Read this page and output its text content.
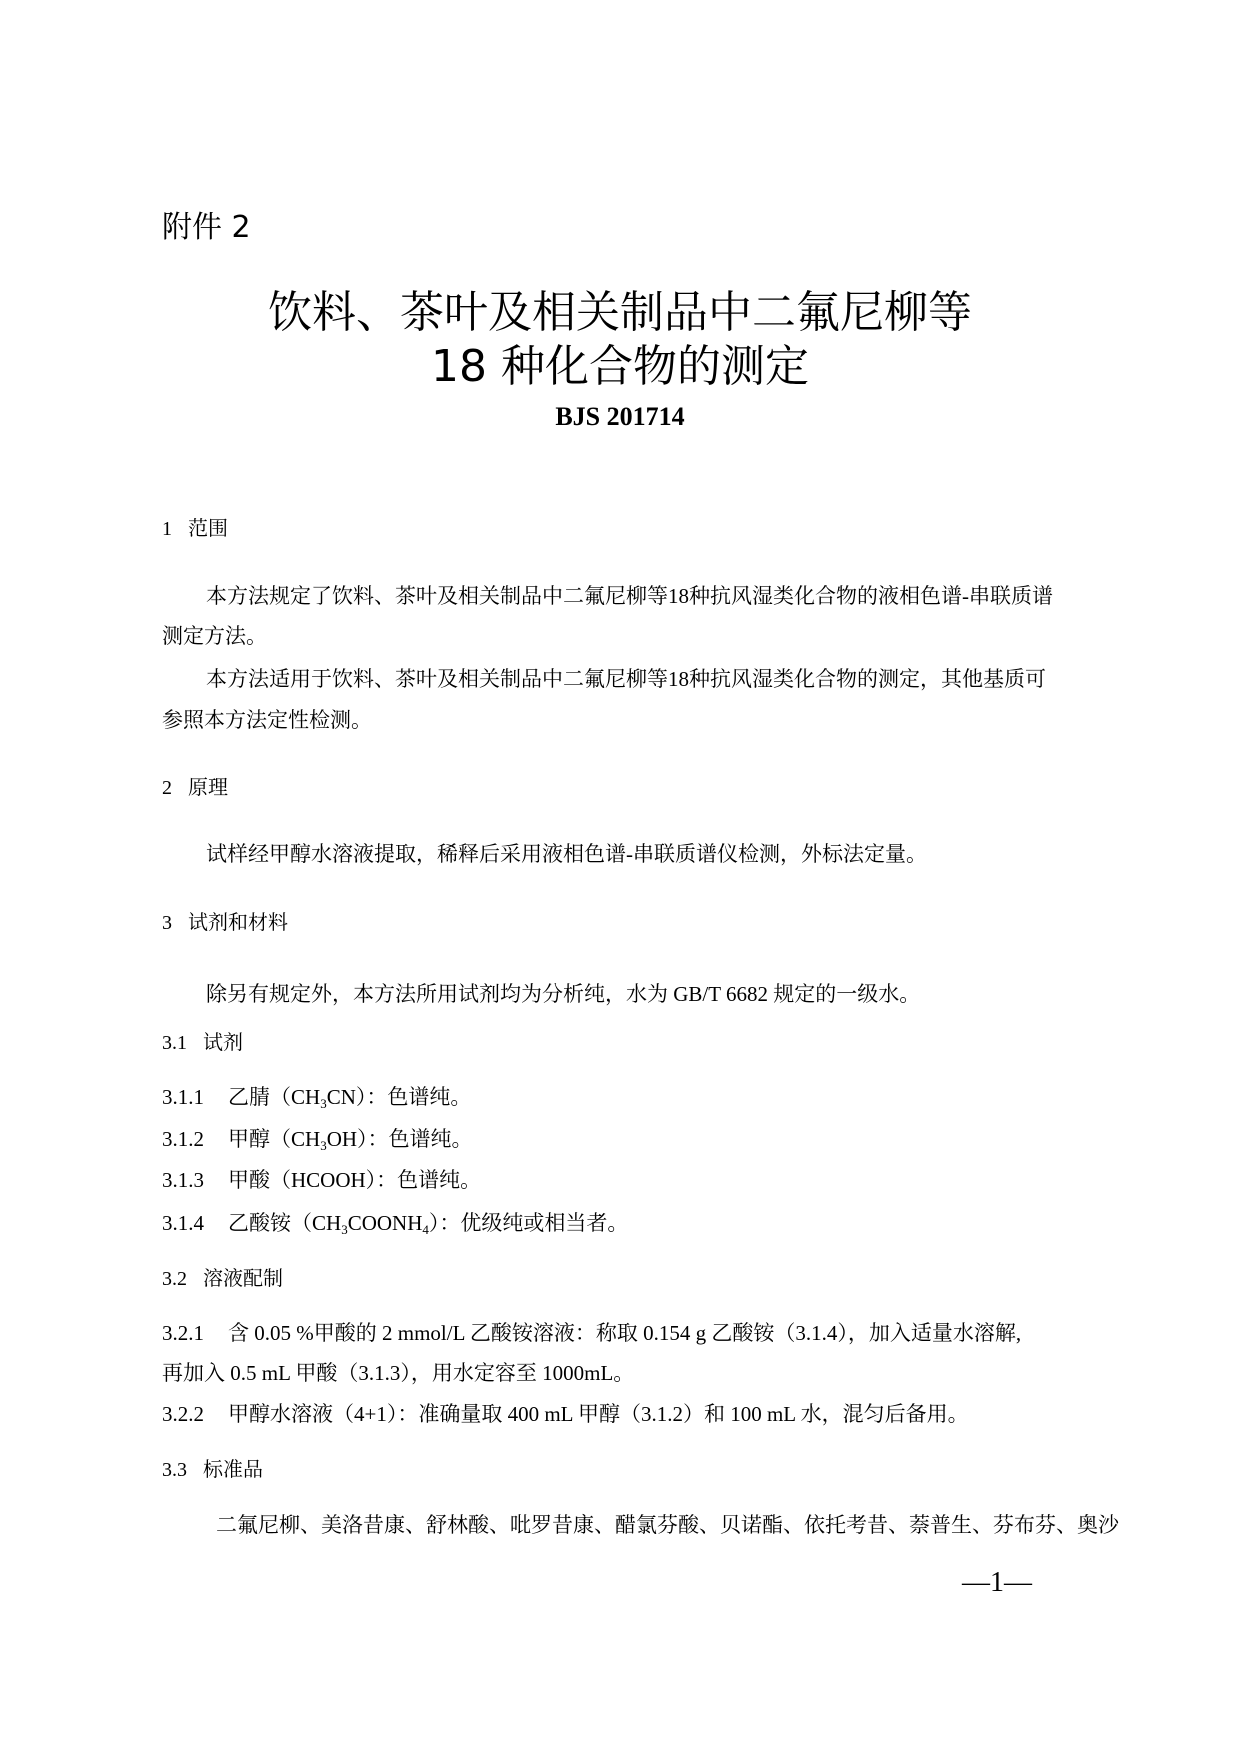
附件 2
饮料、茶叶及相关制品中二氟尼柳等
18 种化合物的测定
BJS 201714
1 范围
本方法规定了饮料、茶叶及相关制品中二氟尼柳等18种抗风湿类化合物的液相色谱-串联质谱
测定方法。
本方法适用于饮料、茶叶及相关制品中二氟尼柳等18种抗风湿类化合物的测定，其他基质可
参照本方法定性检测。
2 原理
试样经甲醇水溶液提取，稀释后采用液相色谱-串联质谱仪检测，外标法定量。
3 试剂和材料
除另有规定外，本方法所用试剂均为分析纯，水为 GB/T 6682 规定的一级水。
3.1 试剂
3.1.1 乙腈$(CH_3CN)$：色谱纯。
3.1.2 甲醇$(CH_3OH)$：色谱纯。
3.1.3 甲酸（HCOOH）：色谱纯。
3.1.4 乙酸铵$(CH_3COONH_4)$：优级纯或相当者。
3.2 溶液配制
3.2.1 含 0.05 %甲酸的 2 mmol/L 乙酸铵溶液：称取 0.154 g 乙酸铵（3.1.4），加入适量水溶解,
再加入 0.5 mL 甲酸（3.1.3），用水定容至 1000mL。
3.2.2 甲醇水溶液（4+1）：准确量取 400 mL 甲醇（3.1.2）和 100 mL 水，混匀后备用。
3.3 标准品
二氟尼柳、美洛昔康、舒林酸、吡罗昔康、醋氯芬酸、贝诺酯、依托考昔、萘普生、芬布芬、奥沙
—1—
